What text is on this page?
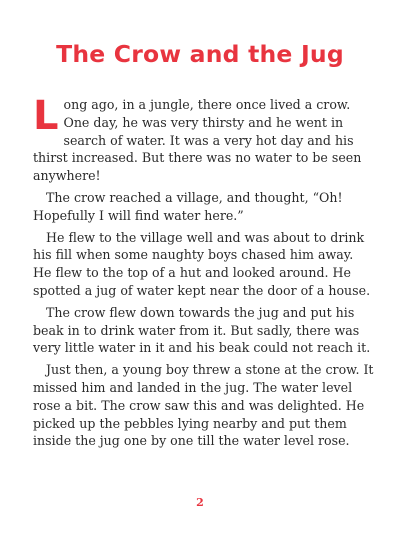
The Crow and the Jug

Long ago, in a jungle, there once lived a crow. One day, he was very thirsty and he went in search of water. It was a very hot day and his thirst increased. But there was no water to be seen anywhere!

The crow reached a village, and thought, “Oh! Hopefully I will find water here.”

He flew to the village well and was about to drink his fill when some naughty boys chased him away. He flew to the top of a hut and looked around. He spotted a jug of water kept near the door of a house.

The crow flew down towards the jug and put his beak in to drink water from it. But sadly, there was very little water in it and his beak could not reach it.

Just then, a young boy threw a stone at the crow. It missed him and landed in the jug. The water level rose a bit. The crow saw this and was delighted. He picked up the pebbles lying nearby and put them inside the jug one by one till the water level rose.

2
